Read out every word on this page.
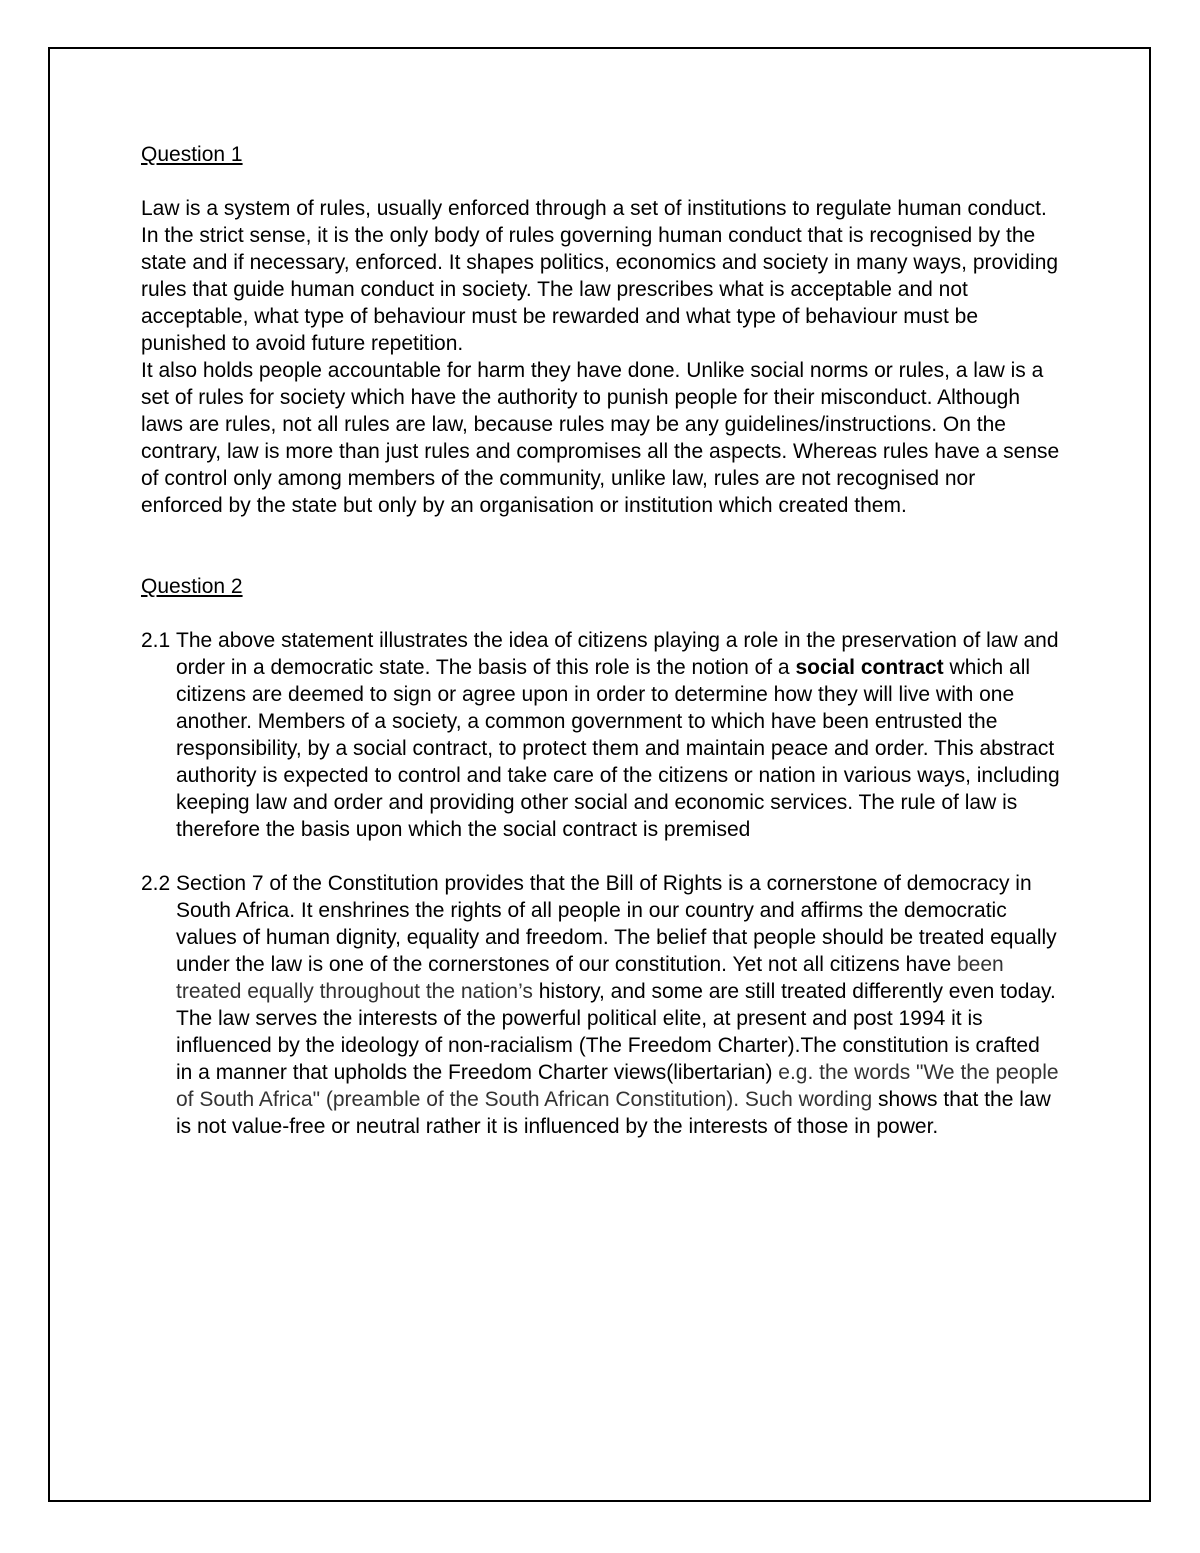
Question 1

Law is a system of rules, usually enforced through a set of institutions to regulate human conduct. In the strict sense, it is the only body of rules governing human conduct that is recognised by the state and if necessary, enforced. It shapes politics, economics and society in many ways, providing rules that guide human conduct in society. The law prescribes what is acceptable and not acceptable, what type of behaviour must be rewarded and what type of behaviour must be punished to avoid future repetition.

It also holds people accountable for harm they have done. Unlike social norms or rules, a law is a set of rules for society which have the authority to punish people for their misconduct. Although laws are rules, not all rules are law, because rules may be any guidelines/instructions. On the contrary, law is more than just rules and compromises all the aspects. Whereas rules have a sense of control only among members of the community, unlike law, rules are not recognised nor enforced by the state but only by an organisation or institution which created them.

Question 2

2.1 The above statement illustrates the idea of citizens playing a role in the preservation of law and order in a democratic state. The basis of this role is the notion of a social contract which all citizens are deemed to sign or agree upon in order to determine how they will live with one another. Members of a society, a common government to which have been entrusted the responsibility, by a social contract, to protect them and maintain peace and order. This abstract authority is expected to control and take care of the citizens or nation in various ways, including keeping law and order and providing other social and economic services. The rule of law is therefore the basis upon which the social contract is premised
2.2 Section 7 of the Constitution provides that the Bill of Rights is a cornerstone of democracy in South Africa. It enshrines the rights of all people in our country and affirms the democratic values of human dignity, equality and freedom. The belief that people should be treated equally under the law is one of the cornerstones of our constitution. Yet not all citizens have been treated equally throughout the nation’s history, and some are still treated differently even today. The law serves the interests of the powerful political elite, at present and post 1994 it is influenced by the ideology of non-racialism (The Freedom Charter).The constitution is crafted in a manner that upholds the Freedom Charter views(libertarian) e.g. the words "We the people of South Africa" (preamble of the South African Constitution). Such wording shows that the law is not value-free or neutral rather it is influenced by the interests of those in power.
